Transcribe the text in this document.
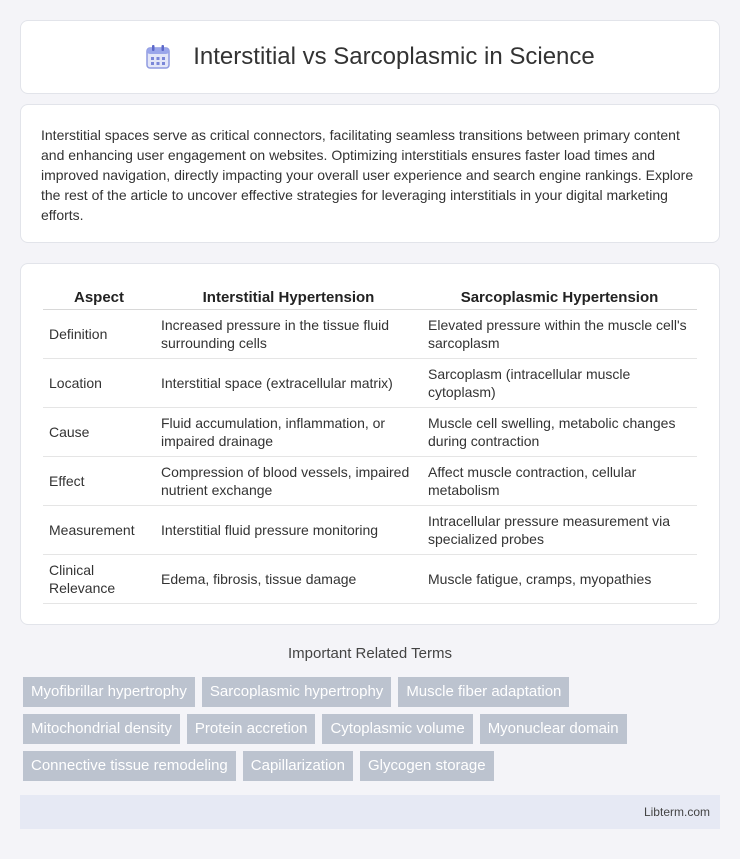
Interstitial vs Sarcoplasmic in Science

Interstitial spaces serve as critical connectors, facilitating seamless transitions between primary content and enhancing user engagement on websites. Optimizing interstitials ensures faster load times and improved navigation, directly impacting your overall user experience and search engine rankings. Explore the rest of the article to uncover effective strategies for leveraging interstitials in your digital marketing efforts.

Aspect	Interstitial Hypertension	Sarcoplasmic Hypertension
Definition	Increased pressure in the tissue fluid surrounding cells	Elevated pressure within the muscle cell's sarcoplasm
Location	Interstitial space (extracellular matrix)	Sarcoplasm (intracellular muscle cytoplasm)
Cause	Fluid accumulation, inflammation, or impaired drainage	Muscle cell swelling, metabolic changes during contraction
Effect	Compression of blood vessels, impaired nutrient exchange	Affect muscle contraction, cellular metabolism
Measurement	Interstitial fluid pressure monitoring	Intracellular pressure measurement via specialized probes
Clinical Relevance	Edema, fibrosis, tissue damage	Muscle fatigue, cramps, myopathies
Important Related Terms
Myofibrillar hypertrophy	Sarcoplasmic hypertrophy	Muscle fiber adaptation
Mitochondrial density	Protein accretion	Cytoplasmic volume	Myonuclear domain
Connective tissue remodeling	Capillarization	Glycogen storage
Libterm.com
